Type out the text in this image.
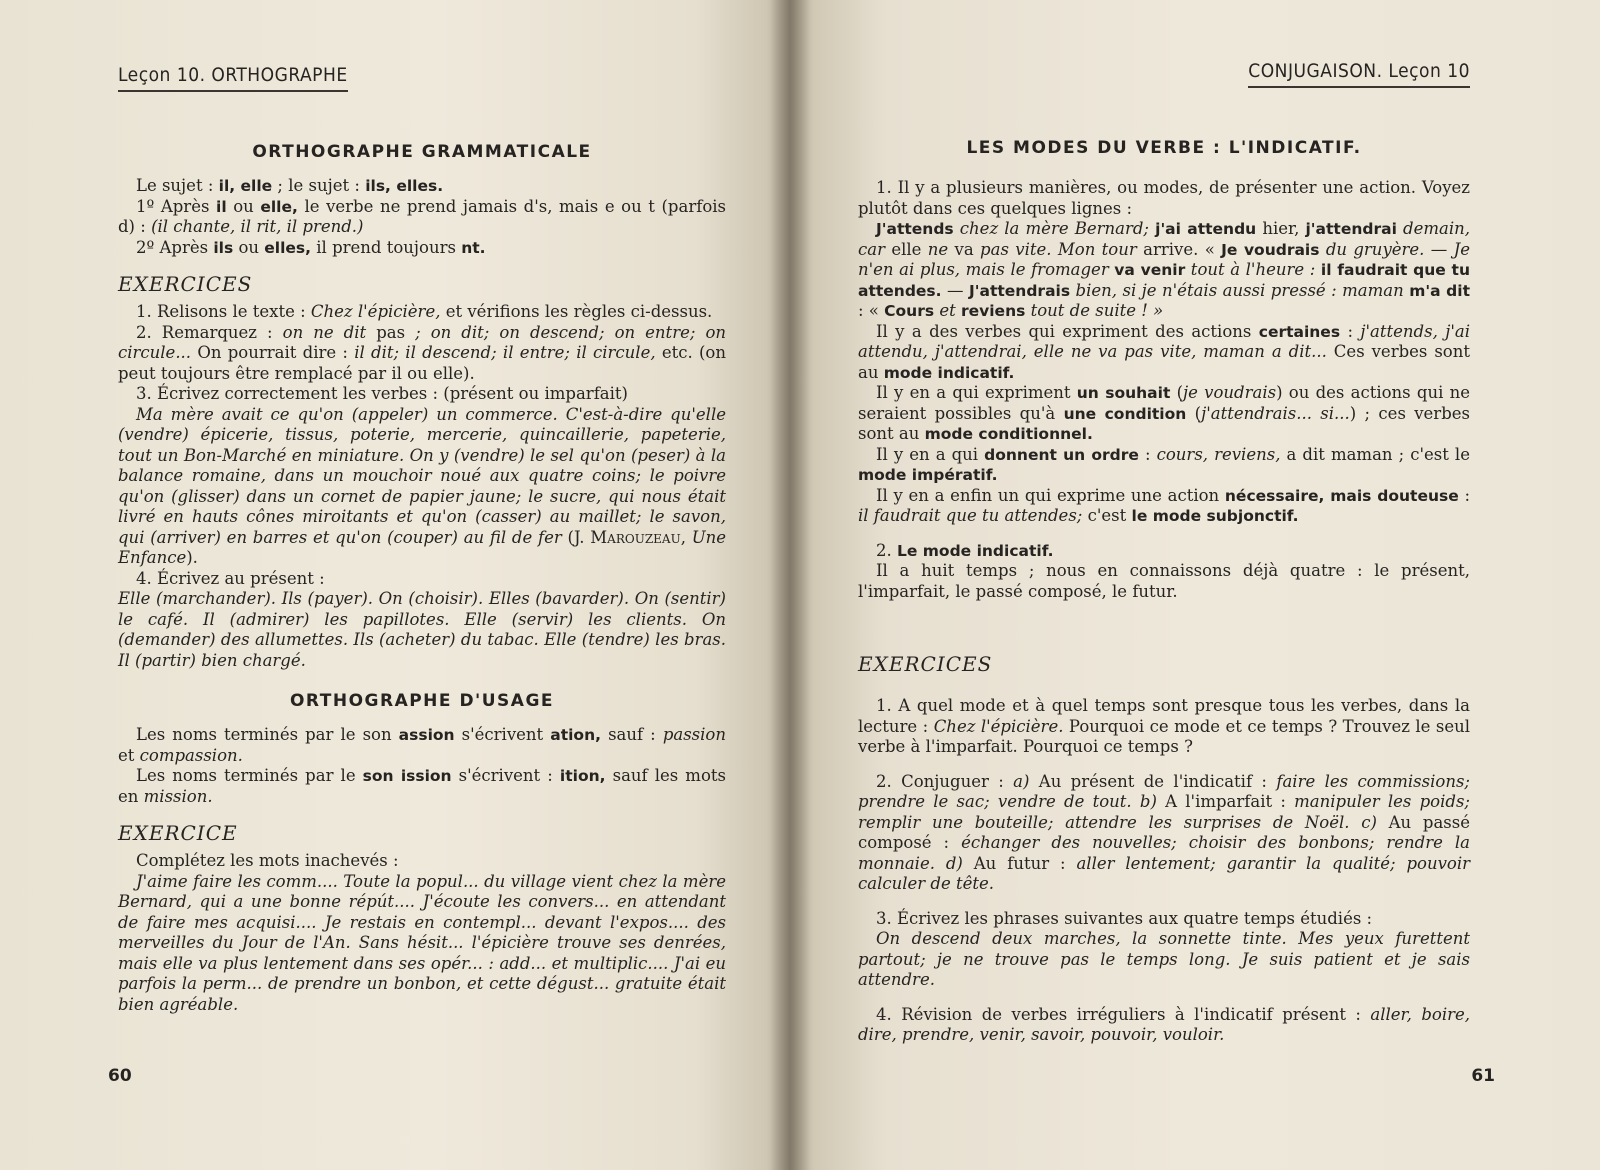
Leçon 10. ORTHOGRAPHE
ORTHOGRAPHE GRAMMATICALE

Le sujet : il, elle ; le sujet : ils, elles.

1º Après il ou elle, le verbe ne prend jamais d's, mais e ou t (parfois d) : (il chante, il rit, il prend.)

2º Après ils ou elles, il prend toujours nt.

EXERCICES

1. Relisons le texte : Chez l'épicière, et vérifions les règles ci-dessus.

2. Remarquez : on ne dit pas ; on dit; on descend; on entre; on circule... On pourrait dire : il dit; il descend; il entre; il circule, etc. (on peut toujours être remplacé par il ou elle).

3. Écrivez correctement les verbes : (présent ou imparfait)

Ma mère avait ce qu'on (appeler) un commerce. C'est-à-dire qu'elle (vendre) épicerie, tissus, poterie, mercerie, quincaillerie, papeterie, tout un Bon-Marché en miniature. On y (vendre) le sel qu'on (peser) à la balance romaine, dans un mouchoir noué aux quatre coins; le poivre qu'on (glisser) dans un cornet de papier jaune; le sucre, qui nous était livré en hauts cônes miroitants et qu'on (casser) au maillet; le savon, qui (arriver) en barres et qu'on (couper) au fil de fer (J. Marouzeau, Une Enfance).

4. Écrivez au présent :

Elle (marchander). Ils (payer). On (choisir). Elles (bavarder). On (sentir) le café. Il (admirer) les papillotes. Elle (servir) les clients. On (demander) des allumettes. Ils (acheter) du tabac. Elle (tendre) les bras. Il (partir) bien chargé.

ORTHOGRAPHE D'USAGE

Les noms terminés par le son assion s'écrivent ation, sauf : passion et compassion.

Les noms terminés par le son ission s'écrivent : ition, sauf les mots en mission.

EXERCICE

Complétez les mots inachevés :

J'aime faire les comm.... Toute la popul... du village vient chez la mère Bernard, qui a une bonne répút.... J'écoute les convers... en attendant de faire mes acquisi.... Je restais en contempl... devant l'expos.... des merveilles du Jour de l'An. Sans hésit... l'épicière trouve ses denrées, mais elle va plus lentement dans ses opér... : add... et multiplic.... J'ai eu parfois la perm... de prendre un bonbon, et cette dégust... gratuite était bien agréable.

60
CONJUGAISON. Leçon 10
LES MODES DU VERBE : L'INDICATIF.

1. Il y a plusieurs manières, ou modes, de présenter une action. Voyez plutôt dans ces quelques lignes :

J'attends chez la mère Bernard; j'ai attendu hier, j'attendrai demain, car elle ne va pas vite. Mon tour arrive. « Je voudrais du gruyère. — Je n'en ai plus, mais le fromager va venir tout à l'heure : il faudrait que tu attendes. — J'attendrais bien, si je n'étais aussi pressé : maman m'a dit : « Cours et reviens tout de suite ! »

Il y a des verbes qui expriment des actions certaines : j'attends, j'ai attendu, j'attendrai, elle ne va pas vite, maman a dit... Ces verbes sont au mode indicatif.

Il y en a qui expriment un souhait (je voudrais) ou des actions qui ne seraient possibles qu'à une condition (j'attendrais... si...) ; ces verbes sont au mode conditionnel.

Il y en a qui donnent un ordre : cours, reviens, a dit maman ; c'est le mode impératif.

Il y en a enfin un qui exprime une action nécessaire, mais douteuse : il faudrait que tu attendes; c'est le mode subjonctif.

2. Le mode indicatif.

Il a huit temps ; nous en connaissons déjà quatre : le présent, l'imparfait, le passé composé, le futur.

EXERCICES

1. A quel mode et à quel temps sont presque tous les verbes, dans la lecture : Chez l'épicière. Pourquoi ce mode et ce temps ? Trouvez le seul verbe à l'imparfait. Pourquoi ce temps ?

2. Conjuguer : a) Au présent de l'indicatif : faire les commissions; prendre le sac; vendre de tout. b) A l'imparfait : manipuler les poids; remplir une bouteille; attendre les surprises de Noël. c) Au passé composé : échanger des nouvelles; choisir des bonbons; rendre la monnaie. d) Au futur : aller lentement; garantir la qualité; pouvoir calculer de tête.

3. Écrivez les phrases suivantes aux quatre temps étudiés :

On descend deux marches, la sonnette tinte. Mes yeux furettent partout; je ne trouve pas le temps long. Je suis patient et je sais attendre.

4. Révision de verbes irréguliers à l'indicatif présent : aller, boire, dire, prendre, venir, savoir, pouvoir, vouloir.

61
